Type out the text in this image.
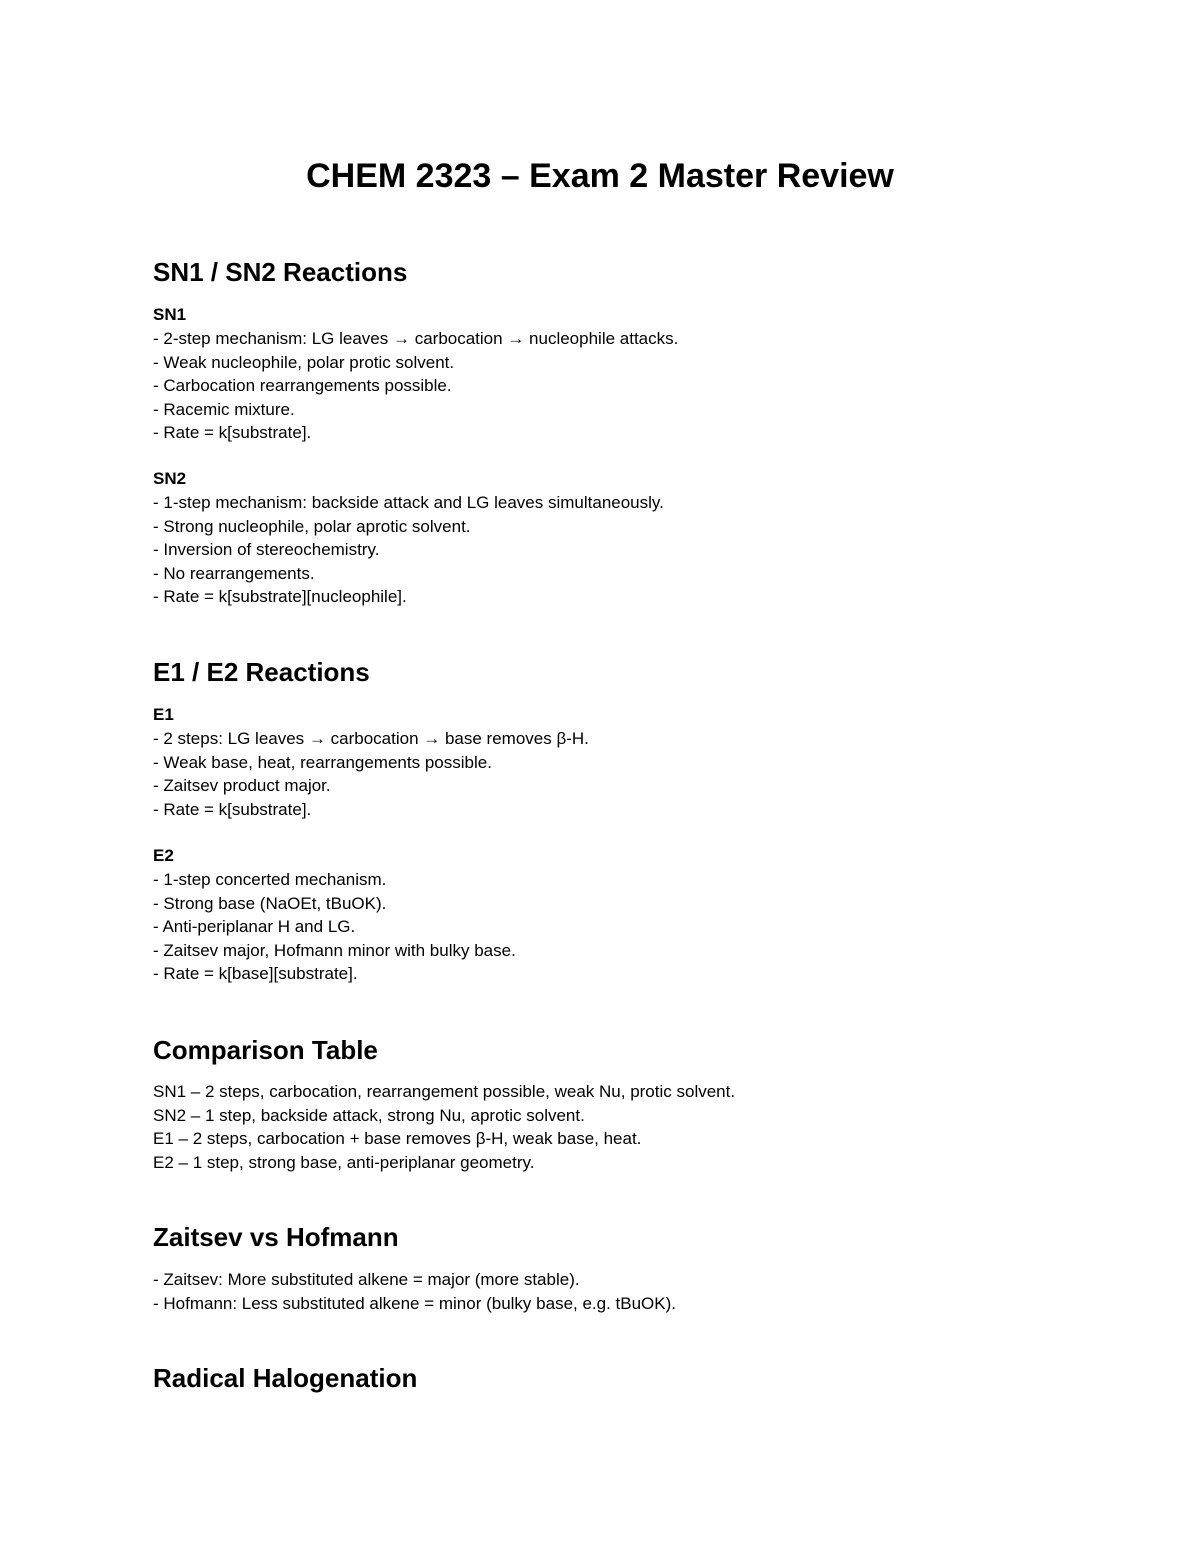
CHEM 2323 – Exam 2 Master Review
SN1 / SN2 Reactions
SN1
- 2-step mechanism: LG leaves → carbocation → nucleophile attacks.
- Weak nucleophile, polar protic solvent.
- Carbocation rearrangements possible.
- Racemic mixture.
- Rate = k[substrate].
SN2
- 1-step mechanism: backside attack and LG leaves simultaneously.
- Strong nucleophile, polar aprotic solvent.
- Inversion of stereochemistry.
- No rearrangements.
- Rate = k[substrate][nucleophile].
E1 / E2 Reactions
E1
- 2 steps: LG leaves → carbocation → base removes β-H.
- Weak base, heat, rearrangements possible.
- Zaitsev product major.
- Rate = k[substrate].
E2
- 1-step concerted mechanism.
- Strong base (NaOEt, tBuOK).
- Anti-periplanar H and LG.
- Zaitsev major, Hofmann minor with bulky base.
- Rate = k[base][substrate].
Comparison Table
SN1 – 2 steps, carbocation, rearrangement possible, weak Nu, protic solvent.
SN2 – 1 step, backside attack, strong Nu, aprotic solvent.
E1 – 2 steps, carbocation + base removes β-H, weak base, heat.
E2 – 1 step, strong base, anti-periplanar geometry.
Zaitsev vs Hofmann
- Zaitsev: More substituted alkene = major (more stable).
- Hofmann: Less substituted alkene = minor (bulky base, e.g. tBuOK).
Radical Halogenation
